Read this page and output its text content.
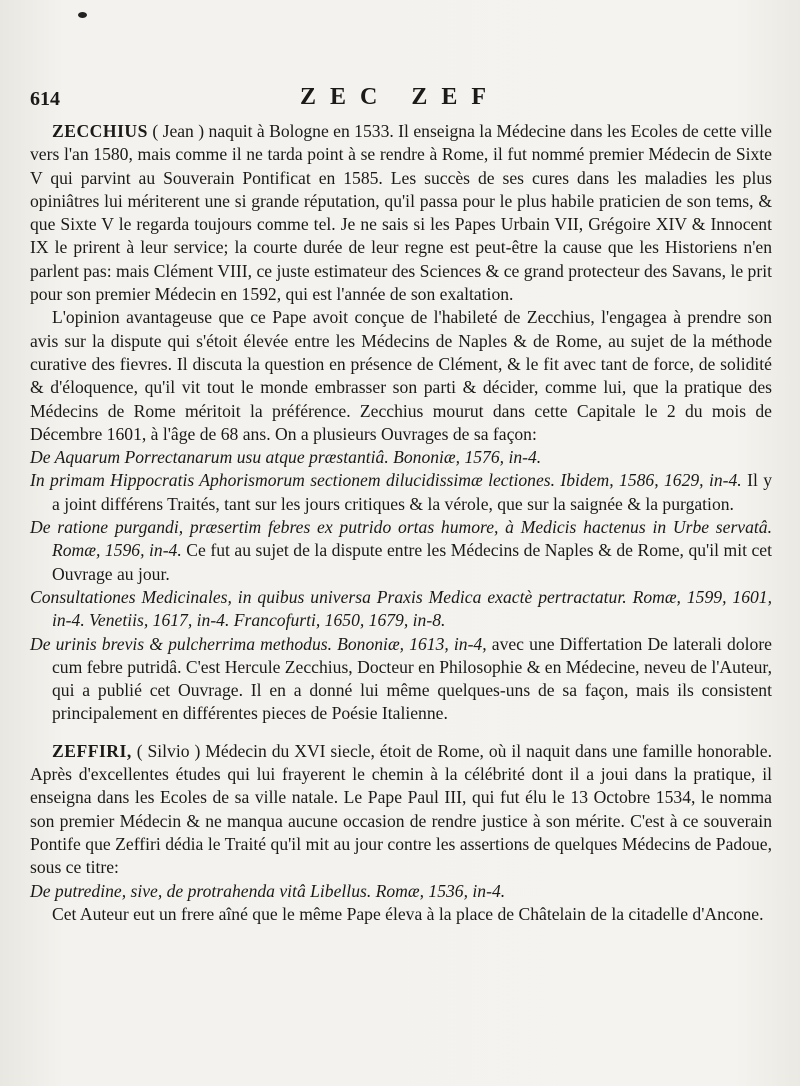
614	ZEC ZEF

ZECCHIUS ( Jean ) naquit à Bologne en 1533. Il enseigna la Médecine dans les Ecoles de cette ville vers l'an 1580, mais comme il ne tarda point à se rendre à Rome, il fut nommé premier Médecin de Sixte V qui parvint au Souverain Pontificat en 1585. Les succès de ses cures dans les maladies les plus opiniâtres lui mériterent une si grande réputation, qu'il passa pour le plus habile praticien de son tems, & que Sixte V le regarda toujours comme tel. Je ne sais si les Papes Urbain VII, Grégoire XIV & Innocent IX le prirent à leur service; la courte durée de leur regne est peut-être la cause que les Historiens n'en parlent pas: mais Clément VIII, ce juste estimateur des Sciences & ce grand protecteur des Savans, le prit pour son premier Médecin en 1592, qui est l'année de son exaltation.

L'opinion avantageuse que ce Pape avoit conçue de l'habileté de Zecchius, l'engagea à prendre son avis sur la dispute qui s'étoit élevée entre les Médecins de Naples & de Rome, au sujet de la méthode curative des fievres. Il discuta la question en présence de Clément, & le fit avec tant de force, de solidité & d'éloquence, qu'il vit tout le monde embrasser son parti & décider, comme lui, que la pratique des Médecins de Rome méritoit la préférence. Zecchius mourut dans cette Capitale le 2 du mois de Décembre 1601, à l'âge de 68 ans. On a plusieurs Ouvrages de sa façon:

De Aquarum Porrectanarum usu atque præstantiâ. Bononiæ, 1576, in-4.

In primam Hippocratis Aphorismorum sectionem dilucidissimæ lectiones. Ibidem, 1586, 1629, in-4. Il y a joint différens Traités, tant sur les jours critiques & la vérole, que sur la saignée & la purgation.

De ratione purgandi, præsertim febres ex putrido ortas humore, à Medicis hactenus in Urbe servatâ. Romæ, 1596, in-4. Ce fut au sujet de la dispute entre les Médecins de Naples & de Rome, qu'il mit cet Ouvrage au jour.

Consultationes Medicinales, in quibus universa Praxis Medica exactè pertractatur. Romæ, 1599, 1601, in-4. Venetiis, 1617, in-4. Francofurti, 1650, 1679, in-8.

De urinis brevis & pulcherrima methodus. Bononiæ, 1613, in-4, avec une Differtation De laterali dolore cum febre putridâ. C'est Hercule Zecchius, Docteur en Philosophie & en Médecine, neveu de l'Auteur, qui a publié cet Ouvrage. Il en a donné lui même quelques-uns de sa façon, mais ils consistent principalement en différentes pieces de Poésie Italienne.

ZEFFIRI, ( Silvio ) Médecin du XVI siecle, étoit de Rome, où il naquit dans une famille honorable. Après d'excellentes études qui lui frayerent le chemin à la célébrité dont il a joui dans la pratique, il enseigna dans les Ecoles de sa ville natale. Le Pape Paul III, qui fut élu le 13 Octobre 1534, le nomma son premier Médecin & ne manqua aucune occasion de rendre justice à son mérite. C'est à ce souverain Pontife que Zeffiri dédia le Traité qu'il mit au jour contre les assertions de quelques Médecins de Padoue, sous ce titre:

De putredine, sive, de protrahenda vitâ Libellus. Romæ, 1536, in-4.

Cet Auteur eut un frere aîné que le même Pape éleva à la place de Châtelain de la citadelle d'Ancone.
